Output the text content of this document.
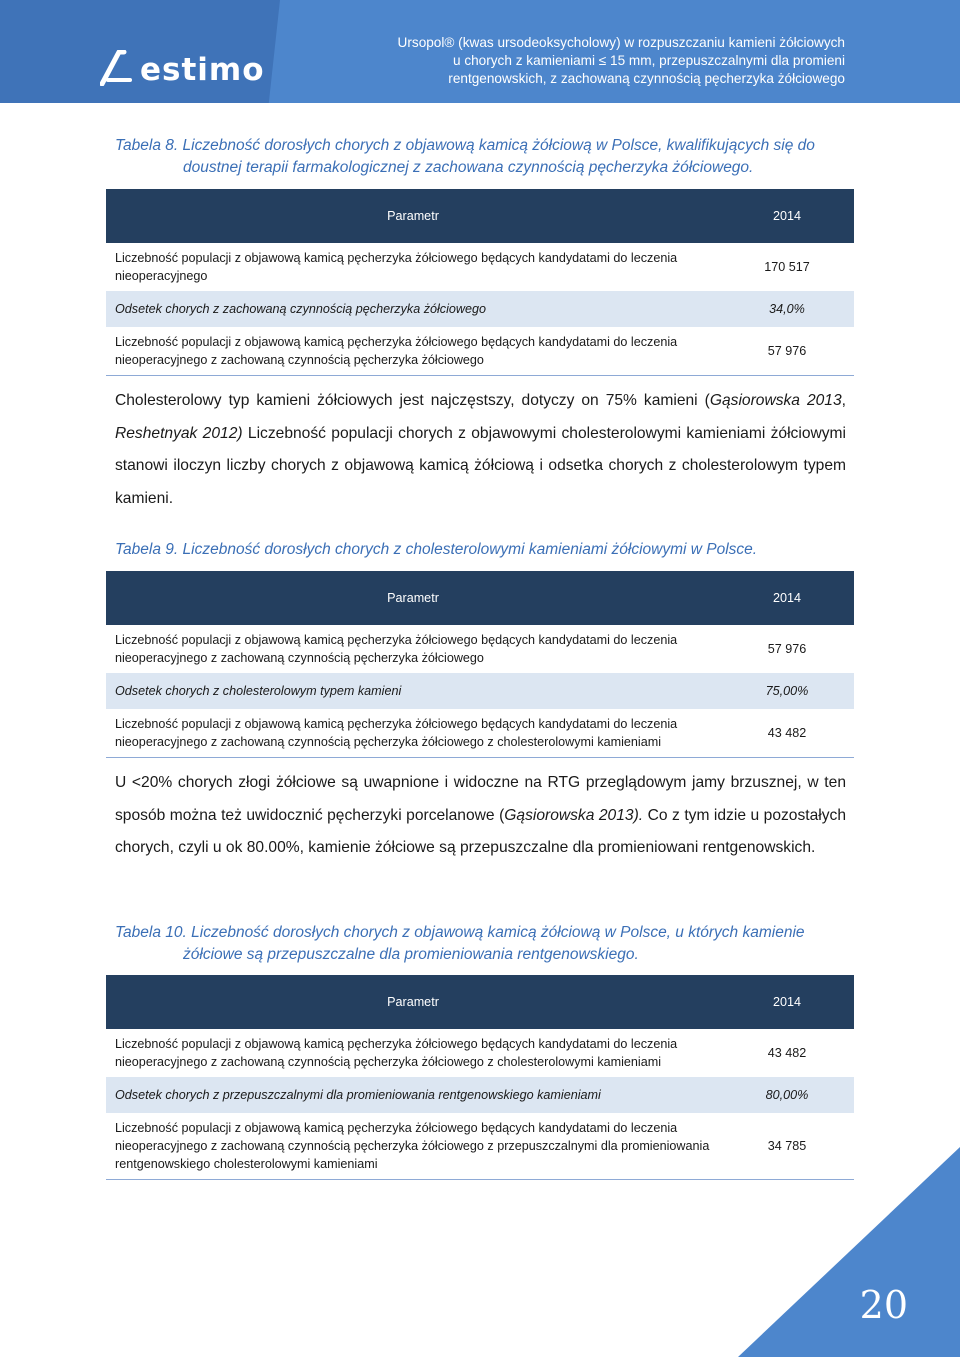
estimo
Ursopol® (kwas ursodeoksycholowy) w rozpuszczaniu kamieni żółciowych
u chorych z kamieniami ≤ 15 mm, przepuszczalnymi dla promieni
rentgenowskich, z zachowaną czynnością pęcherzyka żółciowego
Tabela 8. Liczebność dorosłych chorych z objawową kamicą żółciową w Polsce, kwalifikujących się do
doustnej terapii farmakologicznej z zachowana czynnością pęcherzyka żółciowego.
Parametr	2014
Liczebność populacji z objawową kamicą pęcherzyka żółciowego będących kandydatami do leczenia nieoperacyjnego	170 517
Odsetek chorych z zachowaną czynnością pęcherzyka żółciowego	34,0%
Liczebność populacji z objawową kamicą pęcherzyka żółciowego będących kandydatami do leczenia nieoperacyjnego z zachowaną czynnością pęcherzyka żółciowego	57 976
Cholesterolowy typ kamieni żółciowych jest najczęstszy, dotyczy on 75% kamieni (Gąsiorowska 2013, Reshetnyak 2012) Liczebność populacji chorych z objawowymi cholesterolowymi kamieniami żółciowymi stanowi iloczyn liczby chorych z objawową kamicą żółciową i odsetka chorych z cholesterolowym typem kamieni.
Tabela 9. Liczebność dorosłych chorych z cholesterolowymi kamieniami żółciowymi w Polsce.
Parametr	2014
Liczebność populacji z objawową kamicą pęcherzyka żółciowego będących kandydatami do leczenia nieoperacyjnego z zachowaną czynnością pęcherzyka żółciowego	57 976
Odsetek chorych z cholesterolowym typem kamieni	75,00%
Liczebność populacji z objawową kamicą pęcherzyka żółciowego będących kandydatami do leczenia nieoperacyjnego z zachowaną czynnością pęcherzyka żółciowego z cholesterolowymi kamieniami	43 482
U <20% chorych złogi żółciowe są uwapnione i widoczne na RTG przeglądowym jamy brzusznej, w ten sposób można też uwidocznić pęcherzyki porcelanowe (Gąsiorowska 2013). Co z tym idzie u pozostałych chorych, czyli u ok 80.00%, kamienie żółciowe są przepuszczalne dla promieniowani rentgenowskich.
Tabela 10. Liczebność dorosłych chorych z objawową kamicą żółciową w Polsce, u których kamienie
żółciowe są przepuszczalne dla promieniowania rentgenowskiego.
Parametr	2014
Liczebność populacji z objawową kamicą pęcherzyka żółciowego będących kandydatami do leczenia nieoperacyjnego z zachowaną czynnością pęcherzyka żółciowego z cholesterolowymi kamieniami	43 482
Odsetek chorych z przepuszczalnymi dla promieniowania rentgenowskiego kamieniami	80,00%
Liczebność populacji z objawową kamicą pęcherzyka żółciowego będących kandydatami do leczenia nieoperacyjnego z zachowaną czynnością pęcherzyka żółciowego z przepuszczalnymi dla promieniowania rentgenowskiego cholesterolowymi kamieniami	34 785
20
